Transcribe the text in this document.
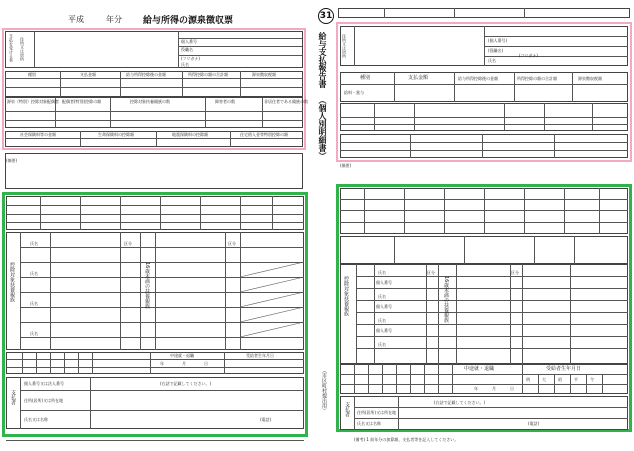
平成	年分 給与所得の源泉徴収票
支払を受ける者 住所又は居所	個人番号
役職名
(フリガナ)
氏名
種別	支払金額	給与所得控除後の金額	所得控除の額の合計額	源泉徴収税額
源泉（特別）控除対象配偶者 配偶者(特別)控除の額	控除対象扶養親族の数	障害者の数	非居住者である親族の数
社会保険料等の金額	生命保険料の控除額	地震保険料の控除額	住宅借入金等特別控除の額
(摘要)
控除対象扶養親族	16歳未満の扶養親族
氏名
氏名
氏名
氏名
区分	区分
中途就・退職	受給者生年月日
年	月	日
支払者
個人番号又は法人番号
住所(居所)又は所在地
氏名又は名称
(右詰で記載してください。)
(電話)
31
給与支払報告書
（個人別明細書）
（市区町村提出用）
住所又は居所	(個人番号)
(役職名)
(フリガナ)
氏名
種別	支払金額	給与所得控除後の金額	所得控除の額の合計額	源泉徴収税額
給料・賞与
(摘要)
控除対象扶養親族	16歳未満の扶養親族
氏名
個人番号
氏名
個人番号
氏名
個人番号
氏名
区分	区分
中途就・退職	受給者生年月日
明	大	昭	平	令
年	月	日
支払者	(右詰で記載してください。)
住所(居所)又は所在地
氏名又は名称	(電話)
(備考) 1 前年分の加算額、支払者等を記入してください。
